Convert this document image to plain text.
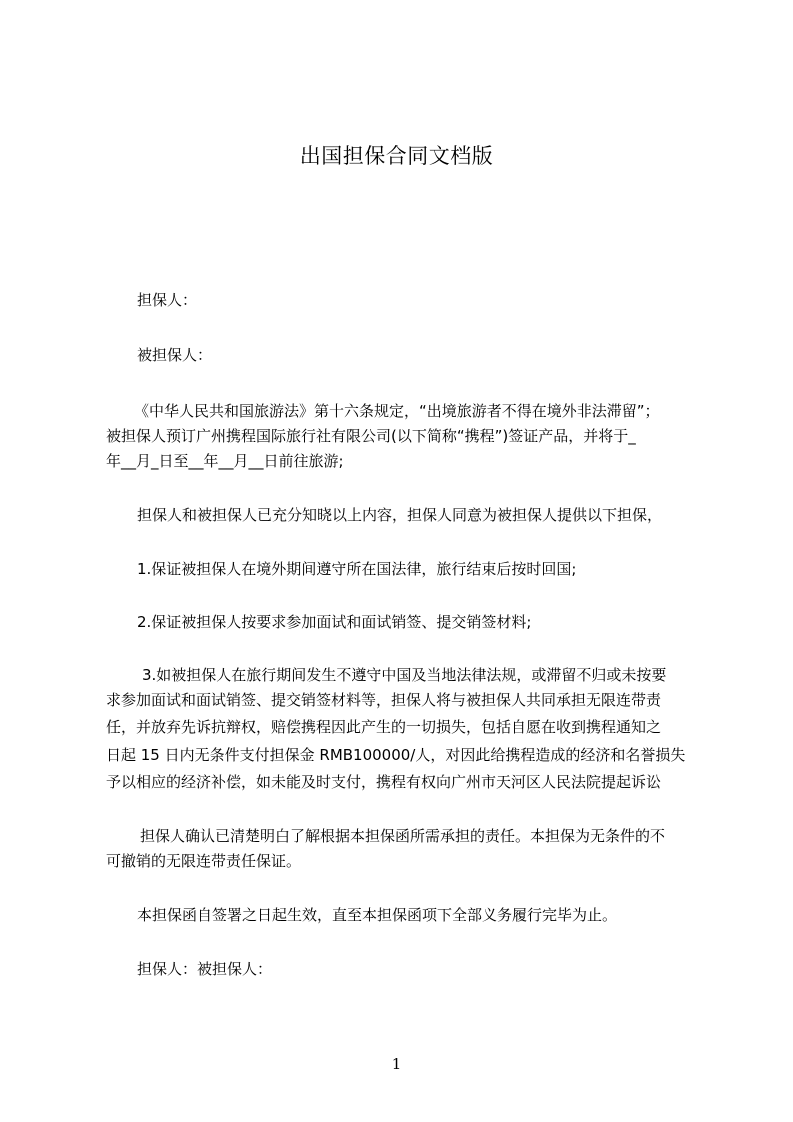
出国担保合同文档版
担保人：
被担保人：
《中华人民共和国旅游法》第十六条规定，“出境旅游者不得在境外非法滞留”；
被担保人预订广州携程国际旅行社有限公司(以下简称“携程”)签证产品，并将于_
年__月_日至__年__月__日前往旅游;
担保人和被担保人已充分知晓以上内容，担保人同意为被担保人提供以下担保，
1.保证被担保人在境外期间遵守所在国法律，旅行结束后按时回国;
2.保证被担保人按要求参加面试和面试销签、提交销签材料;
3.如被担保人在旅行期间发生不遵守中国及当地法律法规，或滞留不归或未按要
求参加面试和面试销签、提交销签材料等，担保人将与被担保人共同承担无限连带责
任，并放弃先诉抗辩权，赔偿携程因此产生的一切损失，包括自愿在收到携程通知之
日起 15 日内无条件支付担保金 RMB100000/人，对因此给携程造成的经济和名誉损失
予以相应的经济补偿，如未能及时支付，携程有权向广州市天河区人民法院提起诉讼
担保人确认已清楚明白了解根据本担保函所需承担的责任。本担保为无条件的不
可撤销的无限连带责任保证。
本担保函自签署之日起生效，直至本担保函项下全部义务履行完毕为止。
担保人：被担保人：
1
